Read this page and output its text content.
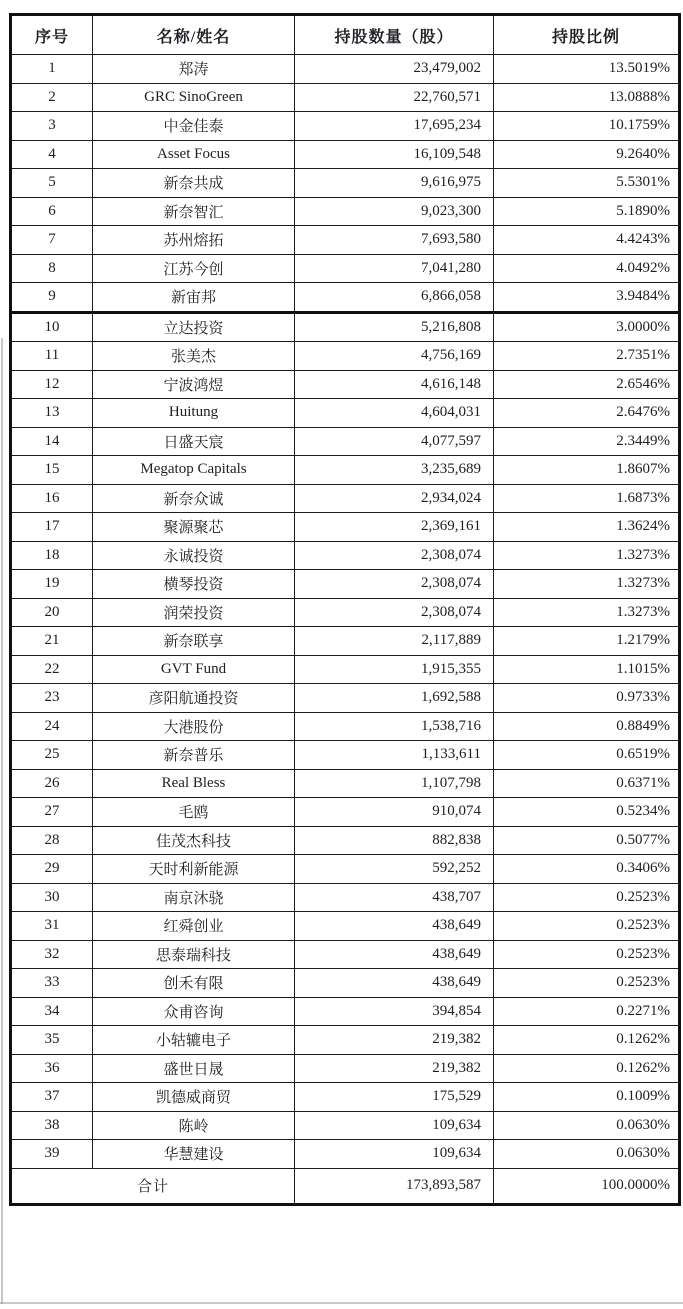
序号	名称/姓名	持股数量（股）	持股比例
1	郑涛	23,479,002	13.5019%
2	GRC SinoGreen	22,760,571	13.0888%
3	中金佳泰	17,695,234	10.1759%
4	Asset Focus	16,109,548	9.2640%
5	新奈共成	9,616,975	5.5301%
6	新奈智汇	9,023,300	5.1890%
7	苏州熔拓	7,693,580	4.4243%
8	江苏今创	7,041,280	4.0492%
9	新宙邦	6,866,058	3.9484%
10	立达投资	5,216,808	3.0000%
11	张美杰	4,756,169	2.7351%
12	宁波鸿煜	4,616,148	2.6546%
13	Huitung	4,604,031	2.6476%
14	日盛天宸	4,077,597	2.3449%
15	Megatop Capitals	3,235,689	1.8607%
16	新奈众诚	2,934,024	1.6873%
17	聚源聚芯	2,369,161	1.3624%
18	永诚投资	2,308,074	1.3273%
19	横琴投资	2,308,074	1.3273%
20	润荣投资	2,308,074	1.3273%
21	新奈联享	2,117,889	1.2179%
22	GVT Fund	1,915,355	1.1015%
23	彦阳航通投资	1,692,588	0.9733%
24	大港股份	1,538,716	0.8849%
25	新奈普乐	1,133,611	0.6519%
26	Real Bless	1,107,798	0.6371%
27	毛鸥	910,074	0.5234%
28	佳茂杰科技	882,838	0.5077%
29	天时利新能源	592,252	0.3406%
30	南京沐骁	438,707	0.2523%
31	红舜创业	438,649	0.2523%
32	思泰瑞科技	438,649	0.2523%
33	创禾有限	438,649	0.2523%
34	众甫咨询	394,854	0.2271%
35	小轱辘电子	219,382	0.1262%
36	盛世日晟	219,382	0.1262%
37	凯德威商贸	175,529	0.1009%
38	陈岭	109,634	0.0630%
39	华慧建设	109,634	0.0630%
合计		173,893,587	100.0000%
